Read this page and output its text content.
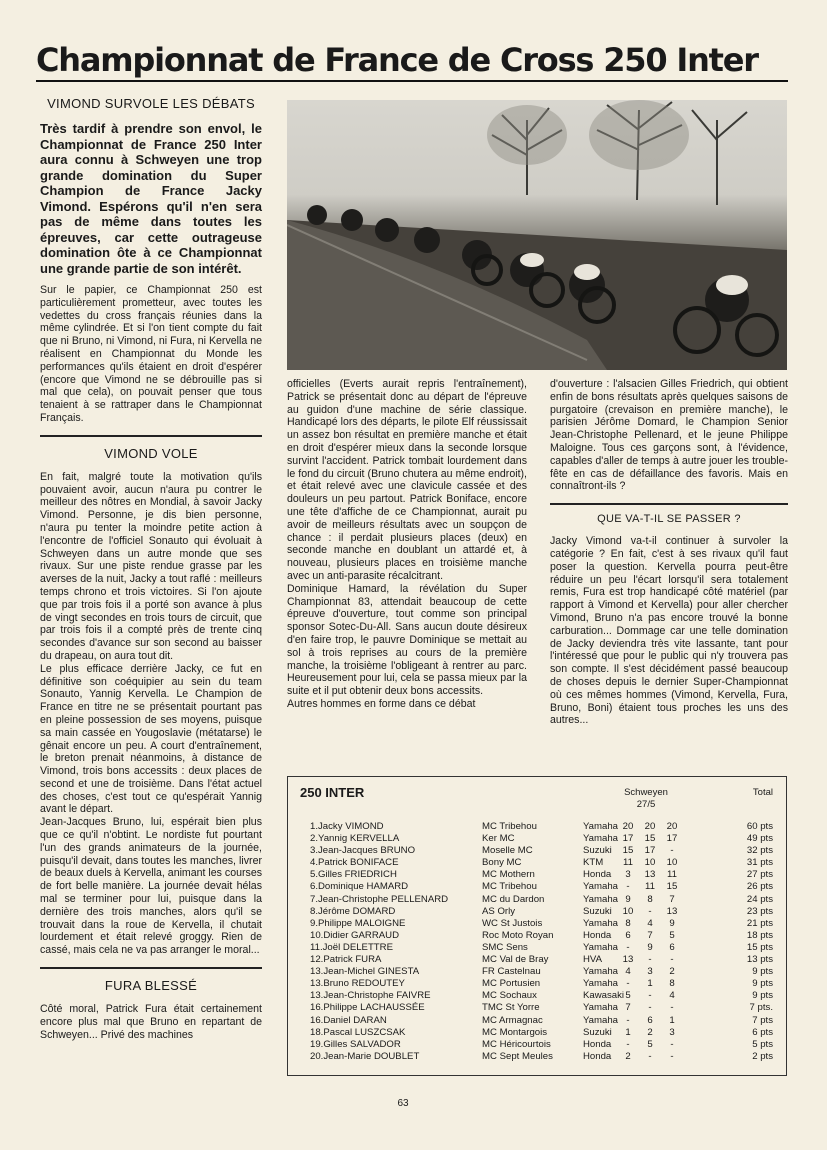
Championnat de France de Cross 250 Inter
VIMOND SURVOLE LES DÉBATS
Très tardif à prendre son envol, le Championnat de France 250 Inter aura connu à Schweyen une trop grande domination du Super Champion de France Jacky Vimond. Espérons qu'il n'en sera pas de même dans toutes les épreuves, car cette outrageuse domination ôte à ce Championnat une grande partie de son intérêt.

Sur le papier, ce Championnat 250 est particulièrement prometteur, avec toutes les vedettes du cross français réunies dans la même cylindrée. Et si l'on tient compte du fait que ni Bruno, ni Vimond, ni Fura, ni Kervella ne réalisent en Championnat du Monde les performances qu'ils étaient en droit d'espérer (encore que Vimond ne se débrouille pas si mal que cela), on pouvait penser que tous tenaient à se rattraper dans le Championnat Français.

VIMOND VOLE

En fait, malgré toute la motivation qu'ils pouvaient avoir, aucun n'aura pu contrer le meilleur des nôtres en Mondial, à savoir Jacky Vimond. Personne, je dis bien personne, n'aura pu tenter la moindre petite action à l'encontre de l'officiel Sonauto qui évoluait à Schweyen dans un autre monde que ses rivaux. Sur une piste rendue grasse par les averses de la nuit, Jacky a tout raflé : meilleurs temps chrono et trois victoires. Si l'on ajoute que par trois fois il a porté son avance à plus de vingt secondes en trois tours de circuit, que par trois fois il a compté près de trente cinq secondes d'avance sur son second au baisser du drapeau, on aura tout dit.

Le plus efficace derrière Jacky, ce fut en définitive son coéquipier au sein du team Sonauto, Yannig Kervella. Le Champion de France en titre ne se présentait pourtant pas en pleine possession de ses moyens, puisque sa main cassée en Yougoslavie (métatarse) le gênait encore un peu. A court d'entraînement, le breton prenait néanmoins, à distance de Vimond, trois bons accessits : deux places de second et une de troisième. Dans l'état actuel des choses, c'est tout ce qu'espérait Yannig avant le départ.

Jean-Jacques Bruno, lui, espérait bien plus que ce qu'il n'obtint. Le nordiste fut pourtant l'un des grands animateurs de la journée, puisqu'il devait, dans toutes les manches, livrer de beaux duels à Kervella, animant les courses de fort belle manière. La journée devait hélas mal se terminer pour lui, puisque dans la dernière des trois manches, alors qu'il se trouvait dans la roue de Kervella, il chutait lourdement et était relevé groggy. Rien de cassé, mais cela ne va pas arranger le moral...

FURA BLESSÉ

Côté moral, Patrick Fura était certainement encore plus mal que Bruno en repartant de Schweyen... Privé des machines

officielles (Everts aurait repris l'entraînement), Patrick se présentait donc au départ de l'épreuve au guidon d'une machine de série classique. Handicapé lors des départs, le pilote Elf réussissait un assez bon résultat en première manche et était en droit d'espérer mieux dans la seconde lorsque survint l'accident. Patrick tombait lourdement dans le fond du circuit (Bruno chutera au même endroit), et était relevé avec une clavicule cassée et des douleurs un peu partout. Patrick Boniface, encore une tête d'affiche de ce Championnat, aurait pu avoir de meilleurs résultats avec un soupçon de chance : il perdait plusieurs places (deux) en seconde manche en doublant un attardé et, à nouveau, plusieurs places en troisième manche avec un anti-parasite récalcitrant.

Dominique Hamard, la révélation du Super Championnat 83, attendait beaucoup de cette épreuve d'ouverture, tout comme son principal sponsor Sotec-Du-All. Sans aucun doute désireux d'en faire trop, le pauvre Dominique se mettait au sol à trois reprises au cours de la première manche, la troisième l'obligeant à rentrer au parc. Heureusement pour lui, cela se passa mieux par la suite et il put obtenir deux bons accessits.

Autres hommes en forme dans ce débat

d'ouverture : l'alsacien Gilles Friedrich, qui obtient enfin de bons résultats après quelques saisons de purgatoire (crevaison en première manche), le parisien Jérôme Domard, le Champion Senior Jean-Christophe Pellenard, et le jeune Philippe Maloigne. Tous ces garçons sont, à l'évidence, capables d'aller de temps à autre jouer les trouble-fête en cas de défaillance des favoris. Mais en connaîtront-ils ?

QUE VA-T-IL SE PASSER ?

Jacky Vimond va-t-il continuer à survoler la catégorie ? En fait, c'est à ses rivaux qu'il faut poser la question. Kervella pourra peut-être réduire un peu l'écart lorsqu'il sera totalement remis, Fura est trop handicapé côté matériel (par rapport à Vimond et Kervella) pour aller chercher Vimond, Bruno n'a pas encore trouvé la bonne carburation... Dommage car une telle domination de Jacky deviendra très vite lassante, tant pour l'intéressé que pour le public qui n'y trouvera pas son compte. Il s'est décidément passé beaucoup de choses depuis le dernier Super-Championnat où ces mêmes hommes (Vimond, Kervella, Fura, Bruno, Boni) étaient tous proches les uns des autres...

250 INTER	Schweyen
27/5
Total
1.Jacky VIMOND	MC Tribehou	Yamaha 20	20	20	60 pts
2.Yannig KERVELLA	Ker MC	Yamaha 17	15	17	49 pts
3.Jean-Jacques BRUNO	Moselle MC	Suzuki	15	17	-	32 pts
4.Patrick BONIFACE	Bony MC	KTM	11	10	10	31 pts
5.Gilles FRIEDRICH	MC Mothern	Honda	3	13	11	27 pts
6.Dominique HAMARD	MC Tribehou	Yamaha -	11	15	26 pts
7.Jean-Christophe PELLENARD	MC du Dardon	Yamaha 9	8	7	24 pts
8.Jérôme DOMARD	AS Orly	Suzuki	10	-	13	23 pts
9.Philippe MALOIGNE	WC St Justois	Yamaha 8	4	9	21 pts
10.Didier GARRAUD	Roc Moto Royan	Honda	6	7	5	18 pts
11.Joël DELETTRE	SMC Sens	Yamaha -	9	6	15 pts
12.Patrick FURA	MC Val de Bray	HVA	13	-	-	13 pts
13.Jean-Michel GINESTA	FR Castelnau	Yamaha 4	3	2	9 pts
13.Bruno REDOUTEY	MC Portusien	Yamaha -	1	8	9 pts
13.Jean-Christophe FAIVRE	MC Sochaux	Kawasaki 5	-	4	9 pts
16.Philippe LACHAUSSÉE	TMC St Yorre	Yamaha 7	-	-	7 pts.
16.Daniel DARAN	MC Armagnac	Yamaha -	6	1	7 pts
18.Pascal LUSZCSAK	MC Montargois	Suzuki	1	2	3	6 pts
19.Gilles SALVADOR	MC Héricourtois	Honda	-	5	-	5 pts
20.Jean-Marie DOUBLET	MC Sept Meules	Honda	2	-	-	2 pts
63
